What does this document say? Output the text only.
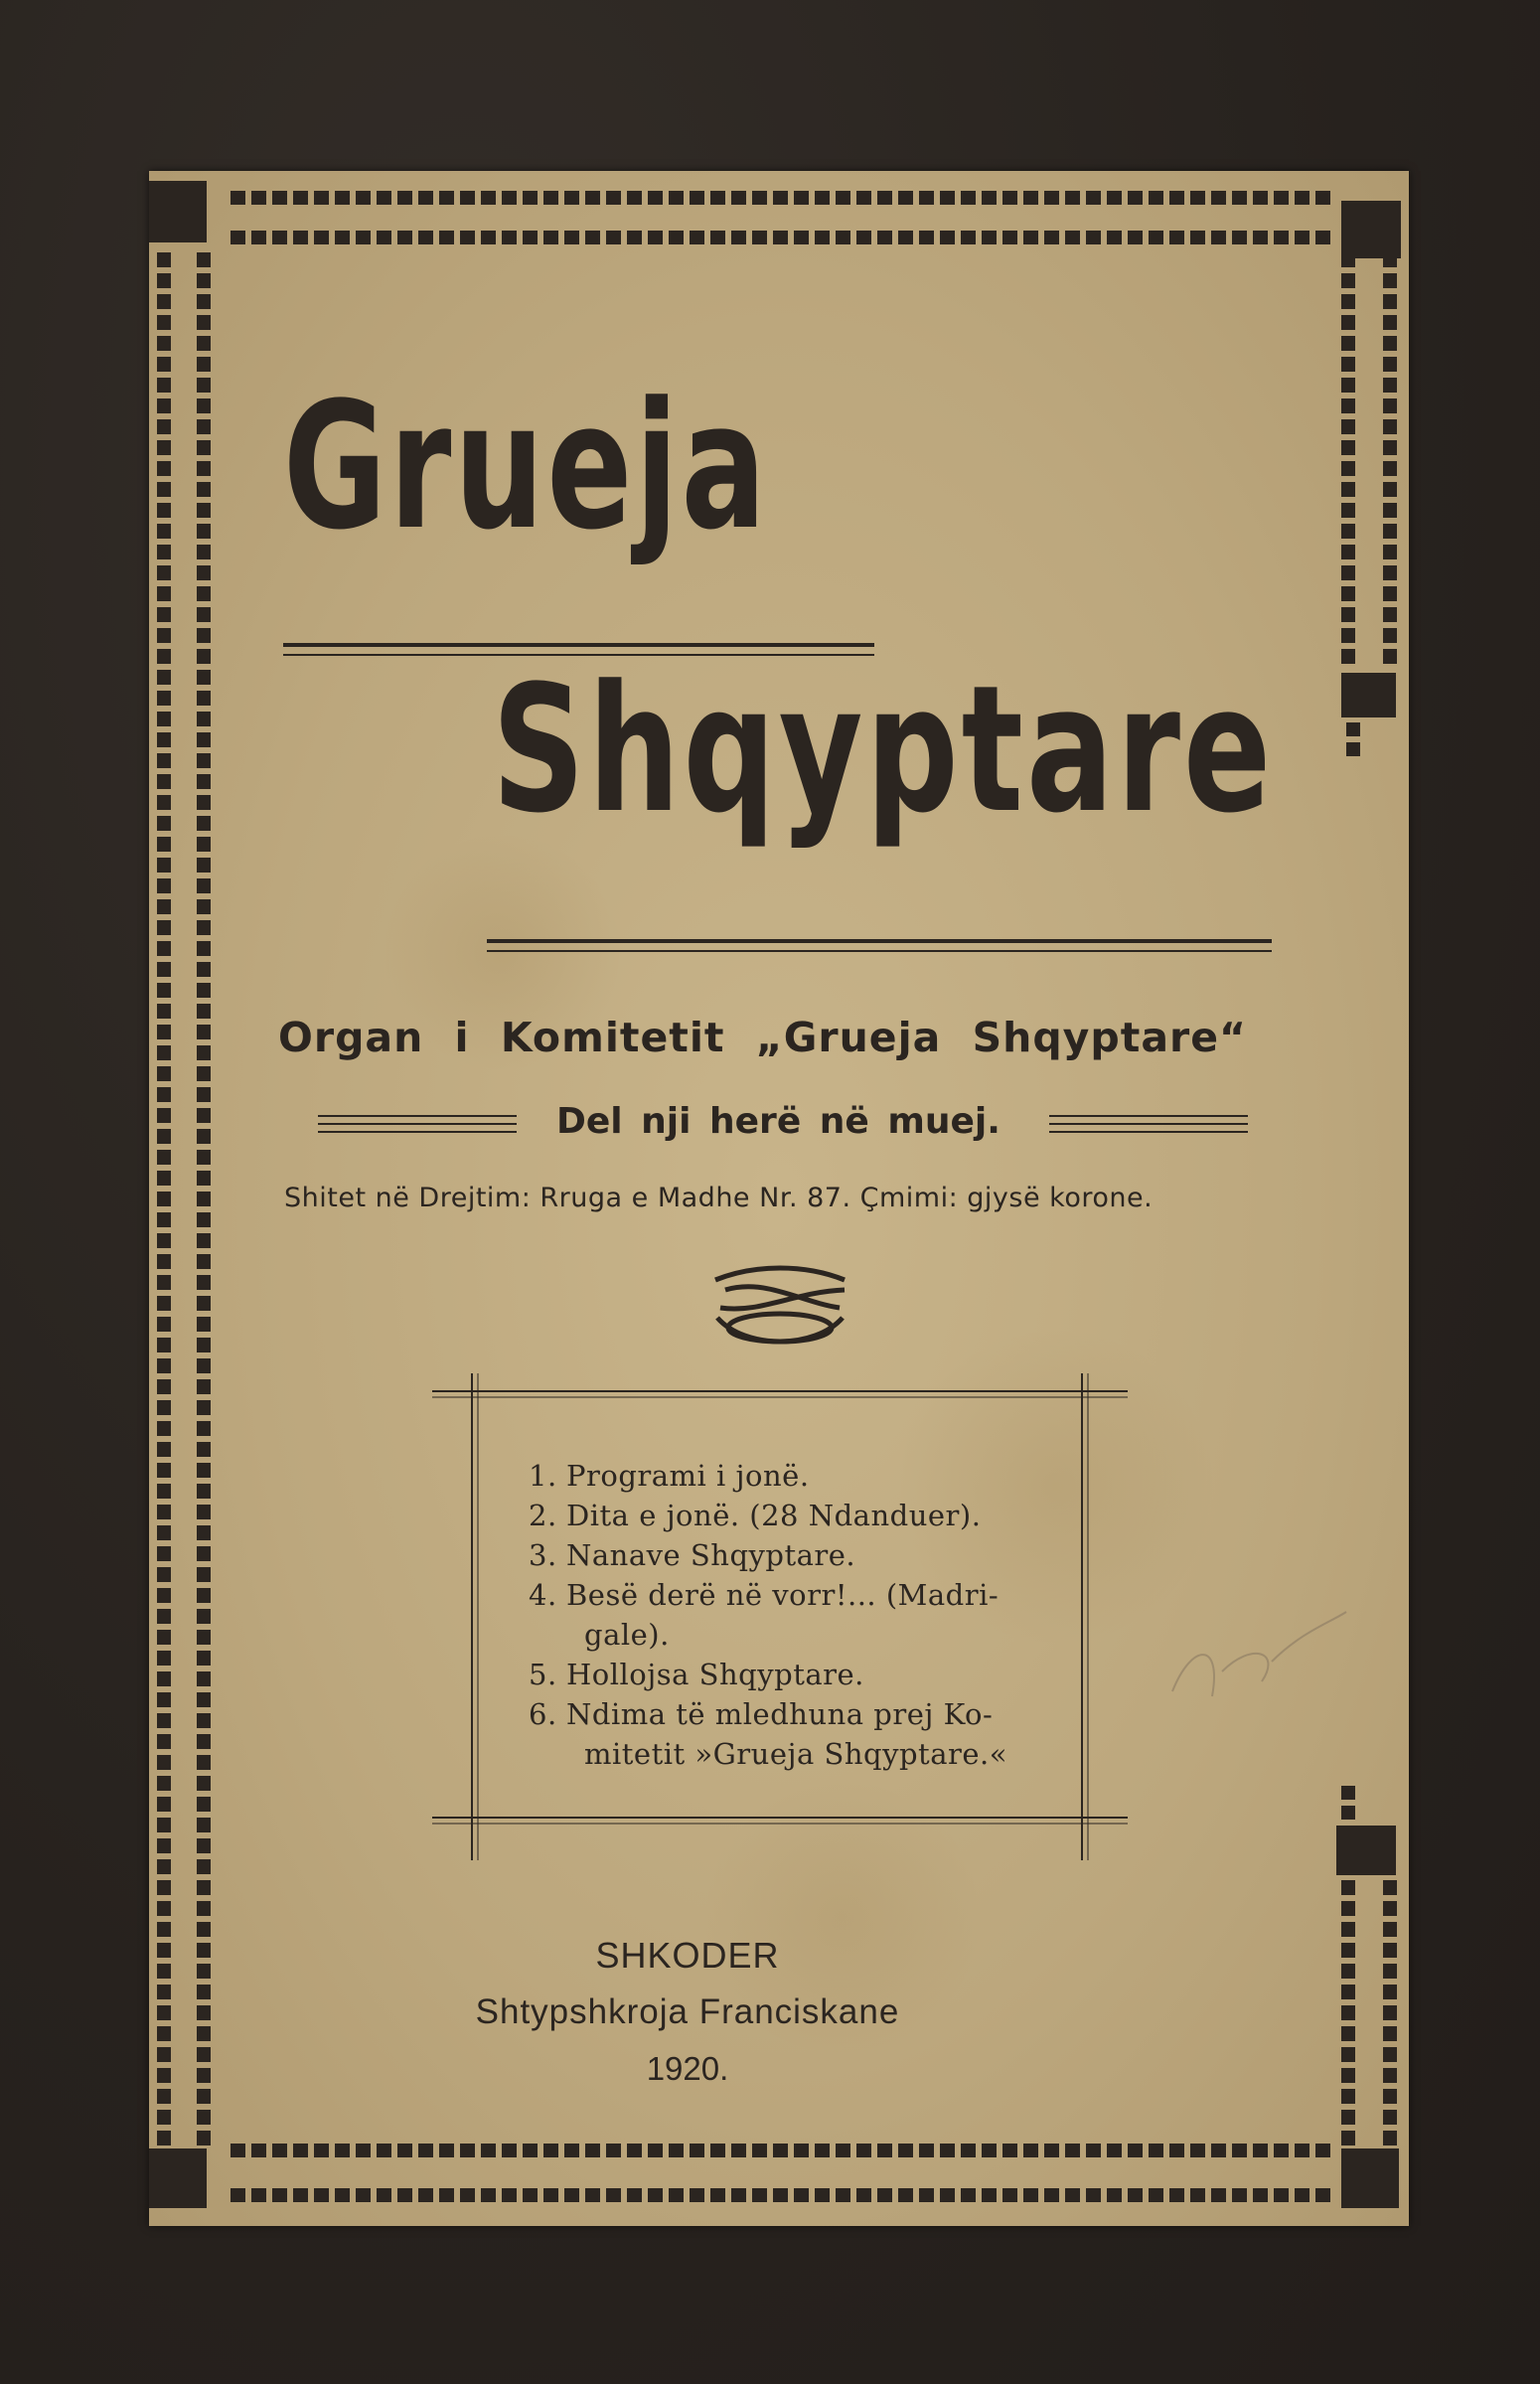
Grueja
Shqyptare

Organ i Komitetit „Grueja Shqyptare“

Del nji herë në muej.

Shitet në Drejtim: Rruga e Madhe Nr. 87. Çmimi: gjysë korone.

1. Programi i jonë.
2. Dita e jonë. (28 Ndanduer).
3. Nanave Shqyptare.
4. Besë derë në vorr!... (Madri-
gale).
5. Hollojsa Shqyptare.
6. Ndima të mledhuna prej Ko-
mitetit »Grueja Shqyptare.«

SHKODER

Shtypshkroja Franciskane

1920.
